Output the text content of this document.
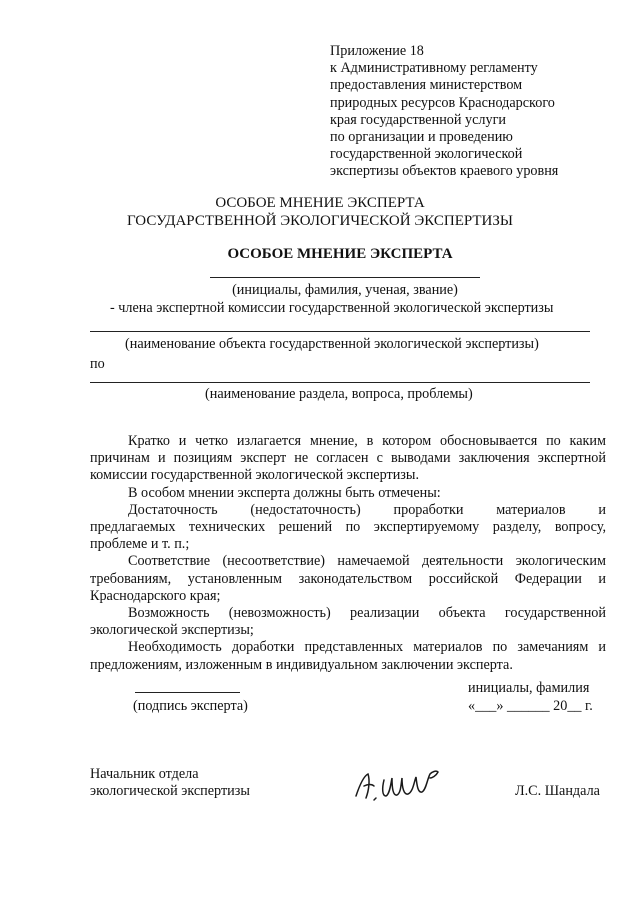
Приложение 18
к Административному регламенту
предоставления министерством
природных ресурсов Краснодарского
края государственной услуги
по организации и проведению
государственной экологической
экспертизы объектов краевого уровня
ОСОБОЕ МНЕНИЕ ЭКСПЕРТА
ГОСУДАРСТВЕННОЙ ЭКОЛОГИЧЕСКОЙ ЭКСПЕРТИЗЫ
ОСОБОЕ МНЕНИЕ ЭКСПЕРТА
(инициалы, фамилия, ученая, звание)
- члена экспертной комиссии государственной экологической экспертизы
(наименование объекта государственной экологической экспертизы)
по
(наименование раздела, вопроса, проблемы)
Кратко и четко излагается мнение, в котором обосновывается по каким
причинам и позициям эксперт не согласен с выводами заключения экспертной
комиссии государственной экологической экспертизы.
В особом мнении эксперта должны быть отмечены:
Достаточность (недостаточность) проработки материалов и
предлагаемых технических решений по экспертируемому разделу, вопросу,
проблеме и т. п.;
Соответствие (несоответствие) намечаемой деятельности экологическим
требованиям, установленным законодательством российской Федерации и
Краснодарского края;
Возможность (невозможность) реализации объекта государственной
экологической экспертизы;
Необходимость доработки представленных материалов по замечаниям и
предложениям, изложенным в индивидуальном заключении эксперта.
(подпись эксперта)
инициалы, фамилия
«___» ______ 20__ г.
Начальник отдела
экологической экспертизы	Л.С. Шандала
